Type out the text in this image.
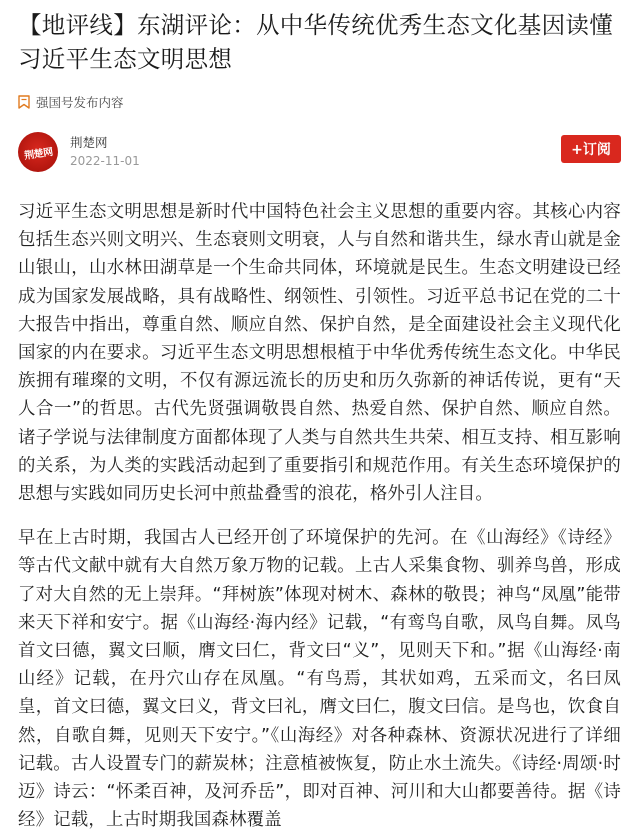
【地评线】东湖评论：从中华传统优秀生态文化基因读懂习近平生态文明思想
强国号发布内容
荆楚网
荆楚网
2022-11-01
+订阅

习近平生态文明思想是新时代中国特色社会主义思想的重要内容。其核心内容包括生态兴则文明兴、生态衰则文明衰，人与自然和谐共生，绿水青山就是金山银山，山水林田湖草是一个生命共同体，环境就是民生。生态文明建设已经成为国家发展战略，具有战略性、纲领性、引领性。习近平总书记在党的二十大报告中指出，尊重自然、顺应自然、保护自然，是全面建设社会主义现代化国家的内在要求。习近平生态文明思想根植于中华优秀传统生态文化。中华民族拥有璀璨的文明，不仅有源远流长的历史和历久弥新的神话传说，更有“天人合一”的哲思。古代先贤强调敬畏自然、热爱自然、保护自然、顺应自然。诸子学说与法律制度方面都体现了人类与自然共生共荣、相互支持、相互影响的关系，为人类的实践活动起到了重要指引和规范作用。有关生态环境保护的思想与实践如同历史长河中煎盐叠雪的浪花，格外引人注目。

早在上古时期，我国古人已经开创了环境保护的先河。在《山海经》《诗经》等古代文献中就有大自然万象万物的记载。上古人采集食物、驯养鸟兽，形成了对大自然的无上崇拜。“拜树族”体现对树木、森林的敬畏；神鸟“凤凰”能带来天下祥和安宁。据《山海经·海内经》记载，“有鸾鸟自歌，凤鸟自舞。凤鸟首文曰德，翼文曰顺，膺文曰仁，背文曰“义”，见则天下和。”据《山海经·南山经》记载，在丹穴山存在凤凰。“有鸟焉，其状如鸡，五采而文，名曰凤皇，首文曰德，翼文曰义，背文曰礼，膺文曰仁，腹文曰信。是鸟也，饮食自然，自歌自舞，见则天下安宁。”《山海经》对各种森林、资源状况进行了详细记载。古人设置专门的薪炭林；注意植被恢复，防止水土流失。《诗经·周颂·时迈》诗云：“怀柔百神，及河乔岳”，即对百神、河川和大山都要善待。据《诗经》记载，上古时期我国森林覆盖
